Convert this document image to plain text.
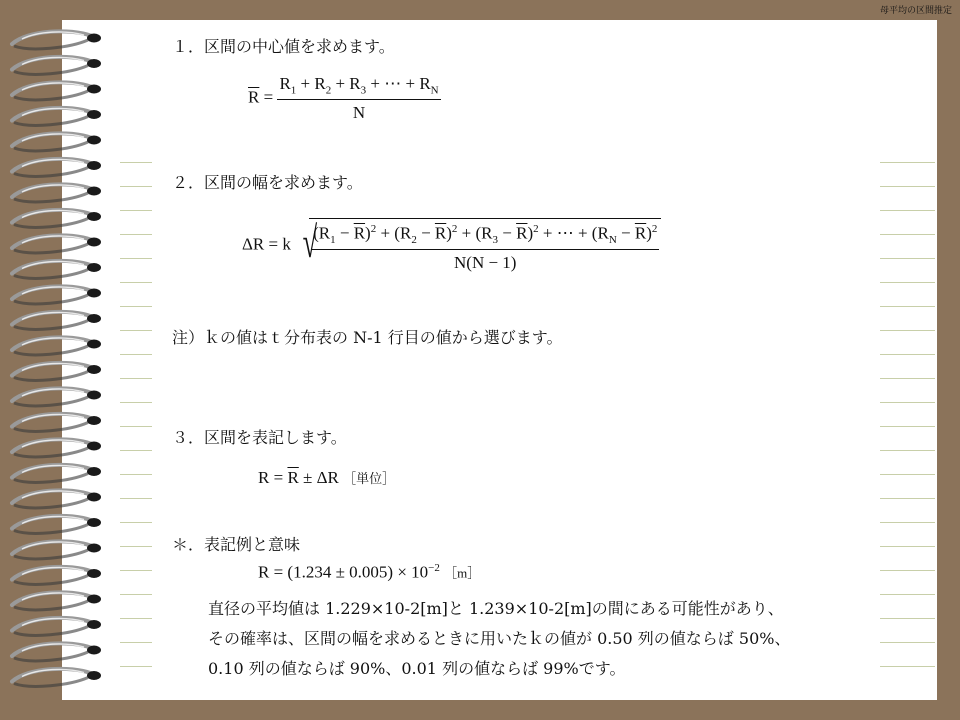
母平均の区間推定
１．区間の中心値を求めます。
$\overline{R} = \frac{R_1 + R_2 + R_3 + \cdots + R_N}{N}$
２．区間の幅を求めます。
ΔR = k √
$\frac{(R_1 - \overline{R})^2 + (R_2 - \overline{R})^2 + (R_3 - \overline{R})^2 + \cdots + (R_N - \overline{R})^2}{N(N - 1)}$
注）ｋの値はｔ分布表の N-1 行目の値から選びます。
３．区間を表記します。
$R = \overline{R} \pm \Delta R$ ［単位］
＊．表記例と意味
$R = (1.234 \pm 0.005) \times 10^{-2}$ ［m］
直径の平均値は 1.229×10-2[m]と 1.239×10-2[m]の間にある可能性があり、
その確率は、区間の幅を求めるときに用いたｋの値が 0.50 列の値ならば 50%、
0.10 列の値ならば 90%、0.01 列の値ならば 99%です。
